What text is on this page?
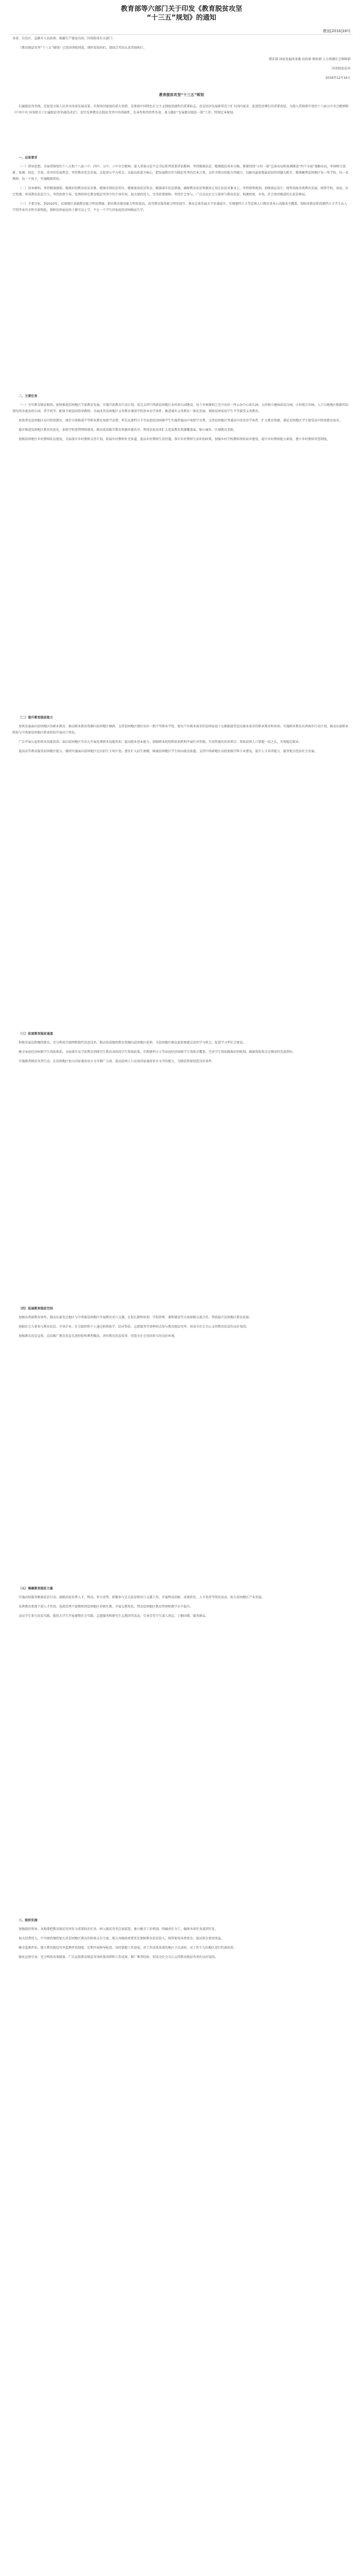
教育部等六部门关于印发《教育脱贫攻坚
“十三五”规划》的通知
教发[2016]18号
各省、自治区、直辖市人民政府，新疆生产建设兵团，国务院各有关部门：
《教育脱贫攻坚“十三五”规划》已经国务院同意，现印发给你们，请结合实际认真贯彻执行。
教育部 国家发展改革委 民政部 财政部 人力资源社会保障部
国务院扶贫办
2016年12月16日
教育脱贫攻坚“十三五”规划

打赢脱贫攻坚战，是促进全体人民共享改革发展成果、实现共同富裕的重大举措，是体现中国特色社会主义制度优越性的重要标志，也是经济发展新常态下扩大国内需求、促进经济增长的重要途径。为深入贯彻落实党的十八届五中全会精神和《中共中央 国务院关于打赢脱贫攻坚战的决定》，切实发挥教育在脱贫攻坚中的基础性、先导性和持续性作用，着力做好“发展教育脱贫一批”工作，特制定本规划。

一、总体要求

（一）指导思想。全面贯彻党的十八大和十八届三中、四中、五中、六中全会精神，深入贯彻习近平总书记系列重要讲话精神，坚持精准扶贫、精准脱贫基本方略，紧紧围绕“五位一体”总体布局和协调推进“四个全面”战略布局，牢固树立创新、协调、绿色、开放、共享的发展理念，坚持教育优先发展，以促进公平为重点，以提高质量为核心，把发展教育作为脱贫攻坚的治本之策，以补齐教育短板为突破口，以解决最需要最迫切的问题为抓手，精准聚焦贫困地区每一所学校、每一名教师、每一个孩子，实施精准帮扶。

（二）基本原则。坚持精准施策。精准识别教育扶贫对象，精准安排扶贫项目，精准使用扶贫资金，精准落实扶贫措施，确保教育扶贫资源真正用在扶贫对象身上。坚持统筹规划。加强顶层设计，统筹各级各类教育发展，统筹学校、家庭、社会资源，形成教育扶贫合力。坚持政府主导。发挥政府在教育脱贫攻坚中的主导作用，加大财政投入，完善政策保障。坚持社会参与。广泛动员社会力量参与教育扶贫，构建政府、市场、社会协同推进的大扶贫格局。

（三）主要目标。到2020年，贫困地区基础教育能力明显增强，职业教育服务能力明显提高，高等教育服务能力明显提升，教育总体发展水平显著提升，实现建档立卡等贫困人口教育基本公共服务全覆盖。保障各教育阶段建档立卡学生从入学到毕业的全程全部资助，保障贫困家庭孩子都可以上学，不让一个学生因家庭经济困难而失学。

二、主要任务

（一）夯实教育脱贫根基。加快推进贫困地区学前教育发展，实施学前教育行动计划，重点支持中西部贫困地区农村幼儿园建设，每个乡镇原则上至少办好一所公办中心幼儿园，大村独立建园或设分园，小村联合办园，人口分散地区根据实际情况举办流动幼儿园、季节班等，配备专职巡回指导教师。全面改善贫困地区义务教育薄弱学校基本办学条件，推进城乡义务教育一体化发展，保障贫困家庭学生平等接受义务教育。

加快普及贫困地区高中阶段教育，逐步分类推进中等职业教育免除学杂费，率先从建档立卡等家庭经济困难学生实施普通高中免除学杂费。支持贫困地区普通高中改善办学条件，扩大教育资源，满足贫困地区学生接受高中阶段教育需求。

稳步推进贫困地区教育信息化，加快学校宽带网络建设，推动优质数字教育资源共建共享，利用信息技术扩大优质教育资源覆盖面，缩小城乡、区域教育差距。

加强贫困地区乡村教师队伍建设，全面落实乡村教师支持计划，拓展乡村教师补充渠道，提高乡村教师生活待遇，落实乡村教师生活补助政策，加强乡村学校教师周转宿舍建设，提升乡村教师能力素质，建立乡村教师荣誉制度。

（二）提升教育脱贫能力

加快发展面向贫困地区的职业教育。推动职业教育资源向贫困地区倾斜，支持贫困地区建好办好一批中等职业学校，使每个有就业需求的贫困家庭子女都能接受适应就业需求的职业教育和培训。实施职业教育东西协作行动计划，推动东部职业院校与中西部贫困地区职业院校开展对口帮扶。

广泛开展公益性职业技能培训。面向贫困地区劳动力开展免费职业技能培训，提高就业创业能力。鼓励职业院校和培训机构开展针对性强、实用性强的培训项目，帮助贫困人口掌握一技之长，实现稳定就业。

提高高等教育服务贫困地区能力。继续实施面向贫困地区定向招生专项计划，逐步扩大招生规模，畅通贫困地区学生纵向流动渠道。支持中西部地区高校加强学科专业建设，提升人才培养能力，服务地方经济社会发展。

（三）拓宽教育脱贫通道

积极发展远程继续教育。充分利用互联网和现代信息技术，推动优质继续教育资源向贫困地区延伸，为贫困地区群众提供便捷灵活的学习机会，促进学习型社会建设。

健全家庭经济困难学生资助体系。全面落实从学前教育到研究生教育各阶段学生资助政策，实现建档立卡等家庭经济困难学生资助全覆盖。完善学生资助精准识别机制，确保资助资金足额及时发放到位。

实施推普脱贫攻坚行动。在贫困地区加大国家通用语言文字推广力度，提高贫困人口运用国家通用语言文字的能力，为脱贫致富创造良好条件。

（四）拓展教育脱贫空间

加强东西部教育协作。推动东部发达地区与中西部贫困地区开展教育对口支援，在校长教师培训、学校管理、课程建设等方面加强交流合作，帮助提升贫困地区教育质量。

鼓励社会力量参与教育扶贫。引导企业、社会组织和个人通过捐资助学、结对帮扶、志愿服务等多种形式参与教育脱贫攻坚，形成全社会关心支持教育扶贫的良好氛围。

加强教育扶贫宣传。总结推广教育扶贫先进经验和典型做法，讲好教育扶贫故事，营造全社会共同参与的良好环境。

（五）集聚教育脱贫力量

实施高校服务精准扶贫行动。鼓励高校发挥人才、科技、智力优势，积极参与定点扶贫和对口支援工作，开展科技创新、成果转化、人才培养等帮扶活动，助力贫困地区产业发展。

发挥教育系统干部人才作用。选派优秀干部教师到贫困地区挂职任教，开展支教帮扶，带动贫困地区教育管理和教学水平提升。

动员学生参与扶贫实践。组织大学生开展暑期社会实践、志愿服务和研究生支教团等活动，引导青年学生深入基层、了解国情、服务群众。

三、组织实施

加强组织领导。各地要把教育脱贫攻坚作为重要政治任务，纳入脱贫攻坚总体部署，建立健全工作机制，明确责任分工，确保各项任务落到实处。

加大经费投入。中央财政继续加大对贫困地区教育的转移支付力度，地方各级政府要优先保障教育扶贫投入，统筹使用各类资金，提高资金使用效益。

健全监测评估。建立教育脱贫攻坚监测评估制度，定期开展督导检查，及时掌握工作进展，对工作成效显著的地区予以表彰，对工作不力的地区进行约谈问责。

强化宣传引导。充分利用各类媒体，广泛宣传教育脱贫攻坚政策举措和工作成效，推广典型经验，形成全社会关心支持教育脱贫攻坚的良好氛围。
